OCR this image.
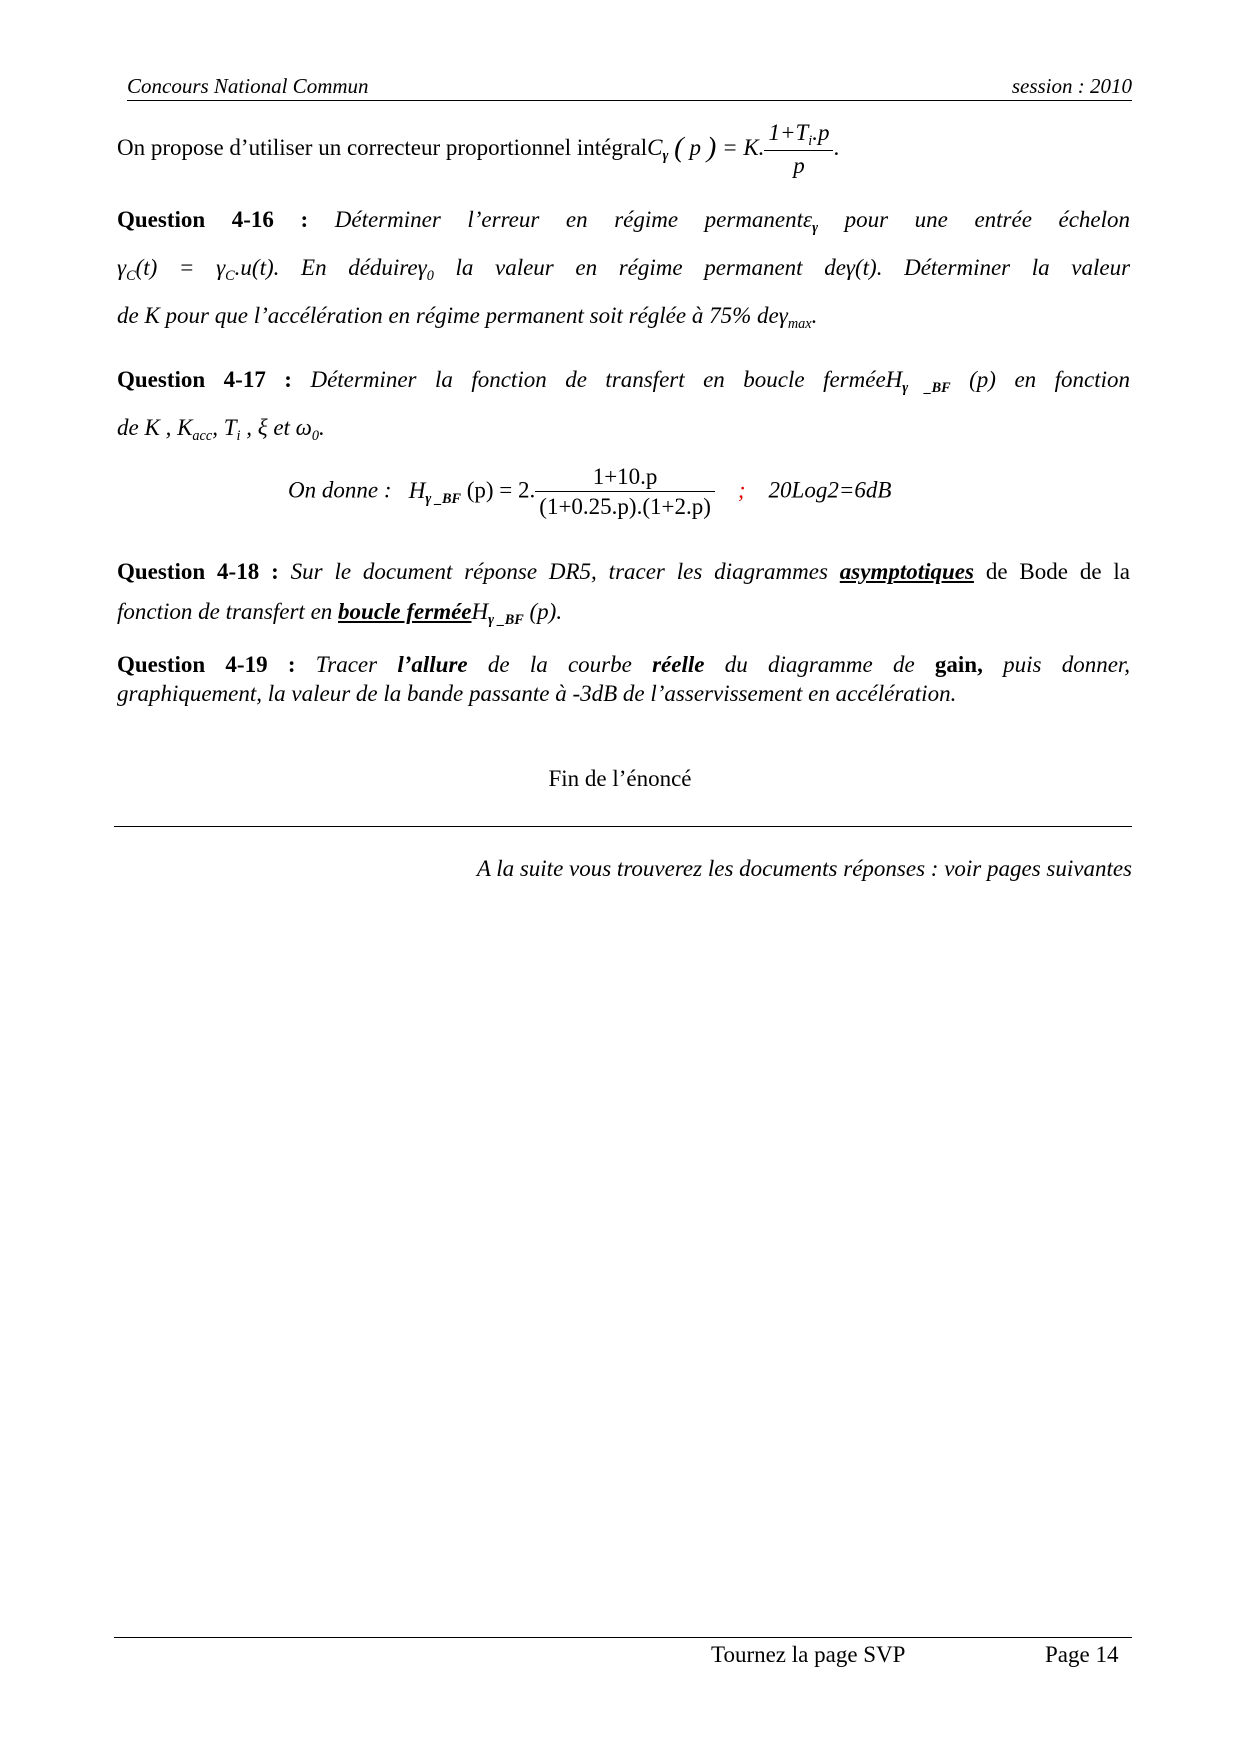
Concours National Commun	session : 2010
On propose d’utiliser un correcteur proportionnel intégralC$_\gamma$ ( p ) = K. $\frac{1+T_i.p}{p}$ .
Question 4-16 : Déterminer l’erreur en régime permanentε$_\gamma$ pour une entrée échelon
$\gamma_C(t) = \gamma_C.u(t)$. En déduireγ$_0$ la valeur en régime permanent deγ(t). Déterminer la valeur
de K pour que l’accélération en régime permanent soit réglée à 75% deγ$_{max}$.
Question 4-17 : Déterminer la fonction de transfert en boucle ferméeH$_{\gamma \_BF}$ (p) en fonction
de K , $K_{acc}$, $T_i$ , ξ et $\omega_0$.
On donne : $H_{\gamma \_BF}$ (p) = 2. $\frac{1+10.p}{(1+0.25.p).(1+2.p)}$ ; 20Log2=6dB
Question 4-18 : Sur le document réponse DR5, tracer les diagrammes asymptotiques de Bode de la
fonction de transfert en boucle ferméeH$_{\gamma \_BF}$ (p).
Question 4-19 : Tracer l’allure de la courbe réelle du diagramme de gain, puis donner,
graphiquement, la valeur de la bande passante à -3dB de l’asservissement en accélération.
Fin de l’énoncé
A la suite vous trouverez les documents réponses : voir pages suivantes
Tournez la page SVP	Page 14
